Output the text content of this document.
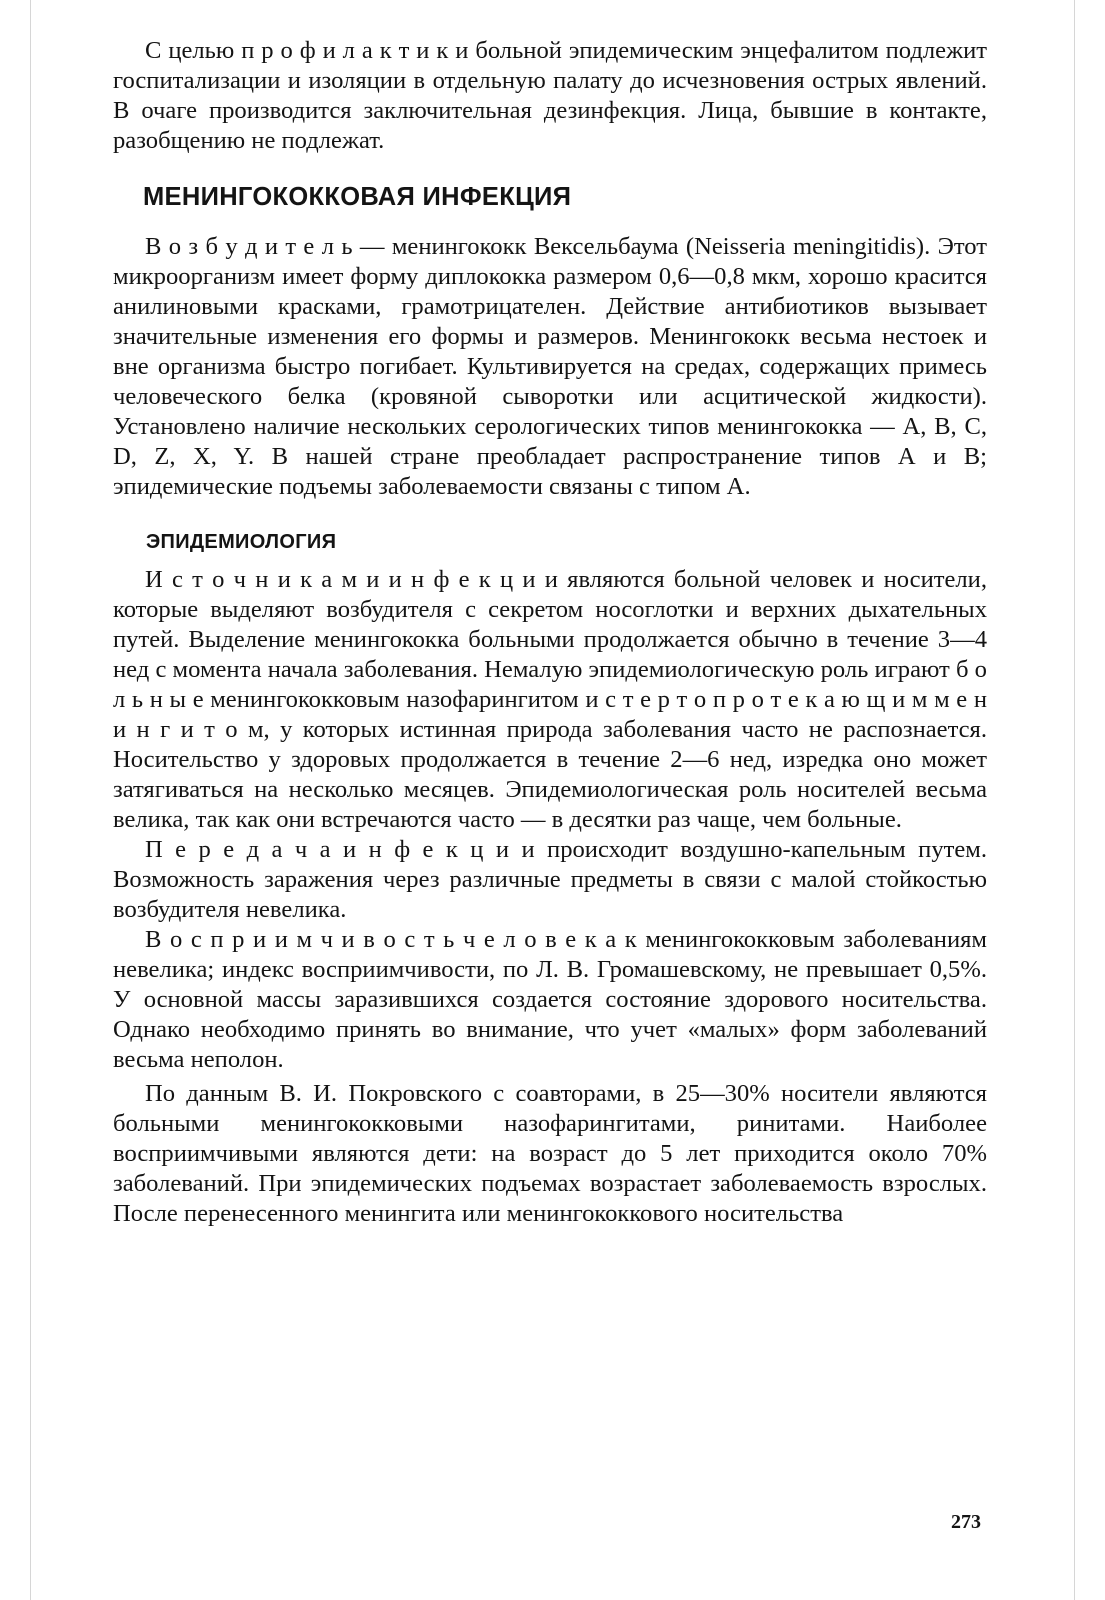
С целью п р о ф и л а к т и к и больной эпидемическим энцефалитом подлежит госпитализации и изоляции в отдельную палату до исчезновения острых явлений. В очаге производится заключительная дезинфекция. Лица, бывшие в контакте, разобщению не подлежат.

МЕНИНГОКОККОВАЯ ИНФЕКЦИЯ

В о з б у д и т е л ь — менингококк Вексельбаума (Neisseria meningitidis). Этот микроорганизм имеет форму диплококка размером 0,6—0,8 мкм, хорошо красится анилиновыми красками, грамотрицателен. Действие антибиотиков вызывает значительные изменения его формы и размеров. Менингококк весьма нестоек и вне организма быстро погибает. Культивируется на средах, содержащих примесь человеческого белка (кровяной сыворотки или асцитической жидкости). Установлено наличие нескольких серологических типов менингококка — А, В, С, D, Z, X, Y. В нашей стране преобладает распространение типов А и В; эпидемические подъемы заболеваемости связаны с типом А.

ЭПИДЕМИОЛОГИЯ

И с т о ч н и к а м и и н ф е к ц и и являются больной человек и носители, которые выделяют возбудителя с секретом носоглотки и верхних дыхательных путей. Выделение менингококка больными продолжается обычно в течение 3—4 нед с момента начала заболевания. Немалую эпидемиологическую роль играют б о л ь н ы е менингококковым назофарингитом и с т е р т о п р о т е к а ю щ и м м е н и н г и т о м, у которых истинная природа заболевания часто не распознается. Носительство у здоровых продолжается в течение 2—6 нед, изредка оно может затягиваться на несколько месяцев. Эпидемиологическая роль носителей весьма велика, так как они встречаются часто — в десятки раз чаще, чем больные.

П е р е д а ч а и н ф е к ц и и происходит воздушно-капельным путем. Возможность заражения через различные предметы в связи с малой стойкостью возбудителя невелика.

В о с п р и и м ч и в о с т ь ч е л о в е к а к менингококковым заболеваниям невелика; индекс восприимчивости, по Л. В. Громашевскому, не превышает 0,5%. У основной массы заразившихся создается состояние здорового носительства. Однако необходимо принять во внимание, что учет «малых» форм заболеваний весьма неполон.

По данным В. И. Покровского с соавторами, в 25—30% носители являются больными менингококковыми назофарингитами, ринитами. Наиболее восприимчивыми являются дети: на возраст до 5 лет приходится около 70% заболеваний. При эпидемических подъемах возрастает заболеваемость взрослых. После перенесенного менингита или менингококкового носительства

273
